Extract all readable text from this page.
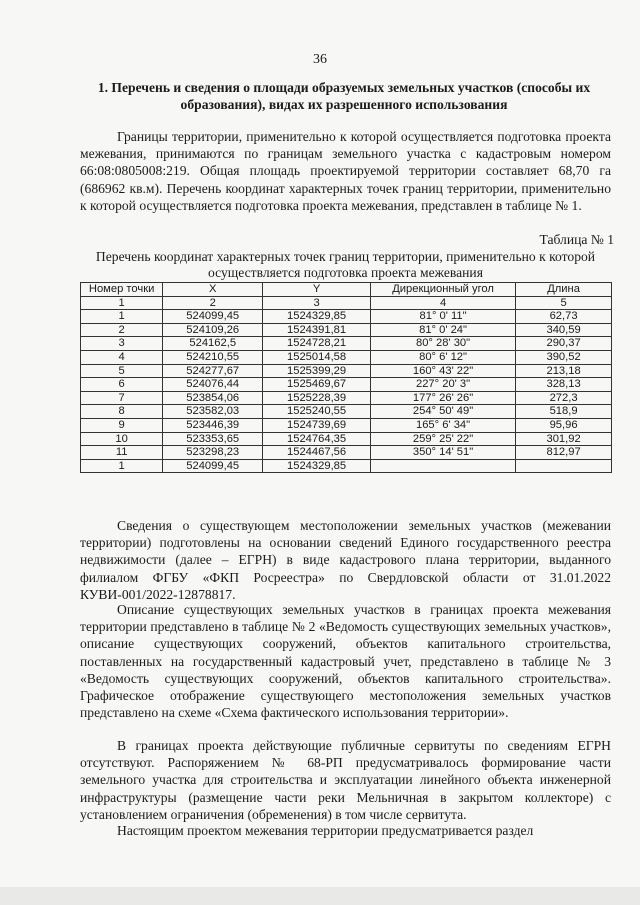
36
1. Перечень и сведения о площади образуемых земельных участков (способы их образования), видах их разрешенного использования

Границы территории, применительно к которой осуществляется подготовка проекта межевания, принимаются по границам земельного участка с кадастровым номером 66:08:0805008:219. Общая площадь проектируемой территории составляет 68,70 га (686962 кв.м). Перечень координат характерных точек границ территории, применительно к которой осуществляется подготовка проекта межевания, представлен в таблице № 1.

Таблица № 1
Перечень координат характерных точек границ территории, применительно к которой осуществляется подготовка проекта межевания
Номер точки	X	Y	Дирекционный угол	Длина
1	2	3	4	5
1	524099,45	1524329,85	81° 0' 11"	62,73
2	524109,26	1524391,81	81° 0' 24"	340,59
3	524162,5	1524728,21	80° 28' 30"	290,37
4	524210,55	1525014,58	80° 6' 12"	390,52
5	524277,67	1525399,29	160° 43' 22"	213,18
6	524076,44	1525469,67	227° 20' 3"	328,13
7	523854,06	1525228,39	177° 26' 26"	272,3
8	523582,03	1525240,55	254° 50' 49"	518,9
9	523446,39	1524739,69	165° 6' 34"	95,96
10	523353,65	1524764,35	259° 25' 22"	301,92
11	523298,23	1524467,56	350° 14' 51"	812,97
1	524099,45	1524329,85		

Сведения о существующем местоположении земельных участков (межевании территории) подготовлены на основании сведений Единого государственного реестра недвижимости (далее – ЕГРН) в виде кадастрового плана территории, выданного филиалом ФГБУ «ФКП Росреестра» по Свердловской области от 31.01.2022 КУВИ-001/2022-12878817.

Описание существующих земельных участков в границах проекта межевания территории представлено в таблице № 2 «Ведомость существующих земельных участков», описание существующих сооружений, объектов капитального строительства, поставленных на государственный кадастровый учет, представлено в таблице № 3 «Ведомость существующих сооружений, объектов капитального строительства». Графическое отображение существующего местоположения земельных участков представлено на схеме «Схема фактического использования территории».

В границах проекта действующие публичные сервитуты по сведениям ЕГРН отсутствуют. Распоряжением № 68-РП предусматривалось формирование части земельного участка для строительства и эксплуатации линейного объекта инженерной инфраструктуры (размещение части реки Мельничная в закрытом коллекторе) с установлением ограничения (обременения) в том числе сервитута.

Настоящим проектом межевания территории предусматривается раздел
